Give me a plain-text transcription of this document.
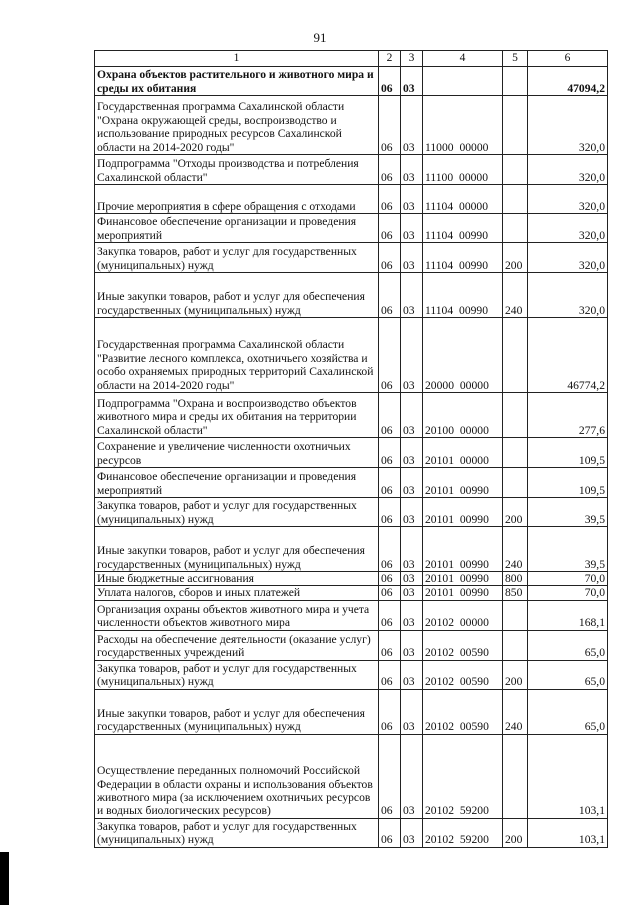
91
1	2	3	4	5	6
Охрана объектов растительного и животного мира и среды их обитания	06	03			47094,2
Государственная программа Сахалинской области "Охрана окружающей среды, воспроизводство и использование природных ресурсов Сахалинской области на 2014-2020 годы"	06	03	11000 00000		320,0
Подпрограмма "Отходы производства и потребления Сахалинской области"	06	03	11100 00000		320,0
Прочие мероприятия в сфере обращения с отходами	06	03	11104 00000		320,0
Финансовое обеспечение организации и проведения мероприятий	06	03	11104 00990		320,0
Закупка товаров, работ и услуг для государственных (муниципальных) нужд	06	03	11104 00990	200	320,0
Иные закупки товаров, работ и услуг для обеспечения государственных (муниципальных) нужд	06	03	11104 00990	240	320,0
Государственная программа Сахалинской области "Развитие лесного комплекса, охотничьего хозяйства и особо охраняемых природных территорий Сахалинской области на 2014-2020 годы"	06	03	20000 00000		46774,2
Подпрограмма "Охрана и воспроизводство объектов животного мира и среды их обитания на территории Сахалинской области"	06	03	20100 00000		277,6
Сохранение и увеличение численности охотничьих ресурсов	06	03	20101 00000		109,5
Финансовое обеспечение организации и проведения мероприятий	06	03	20101 00990		109,5
Закупка товаров, работ и услуг для государственных (муниципальных) нужд	06	03	20101 00990	200	39,5
Иные закупки товаров, работ и услуг для обеспечения государственных (муниципальных) нужд	06	03	20101 00990	240	39,5
Иные бюджетные ассигнования	06	03	20101 00990	800	70,0
Уплата налогов, сборов и иных платежей	06	03	20101 00990	850	70,0
Организация охраны объектов животного мира и учета численности объектов животного мира	06	03	20102 00000		168,1
Расходы на обеспечение деятельности (оказание услуг) государственных учреждений	06	03	20102 00590		65,0
Закупка товаров, работ и услуг для государственных (муниципальных) нужд	06	03	20102 00590	200	65,0
Иные закупки товаров, работ и услуг для обеспечения государственных (муниципальных) нужд	06	03	20102 00590	240	65,0
Осуществление переданных полномочий Российской Федерации в области охраны и использования объектов животного мира (за исключением охотничьих ресурсов и водных биологических ресурсов)	06	03	20102 59200		103,1
Закупка товаров, работ и услуг для государственных (муниципальных) нужд	06	03	20102 59200	200	103,1
